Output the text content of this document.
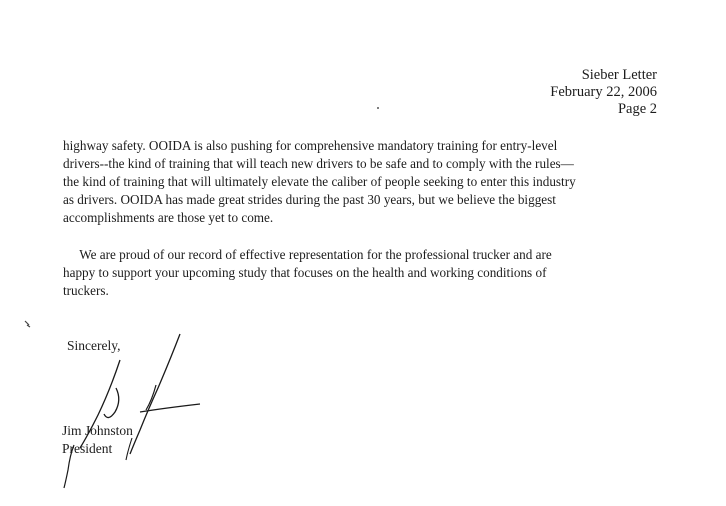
Sieber Letter
February 22, 2006
Page 2
highway safety. OOIDA is also pushing for comprehensive mandatory training for entry-level
drivers--the kind of training that will teach new drivers to be safe and to comply with the rules—
the kind of training that will ultimately elevate the caliber of people seeking to enter this industry
as drivers. OOIDA has made great strides during the past 30 years, but we believe the biggest
accomplishments are those yet to come.
We are proud of our record of effective representation for the professional trucker and are
happy to support your upcoming study that focuses on the health and working conditions of
truckers.
Sincerely,
Jim Johnston
President
